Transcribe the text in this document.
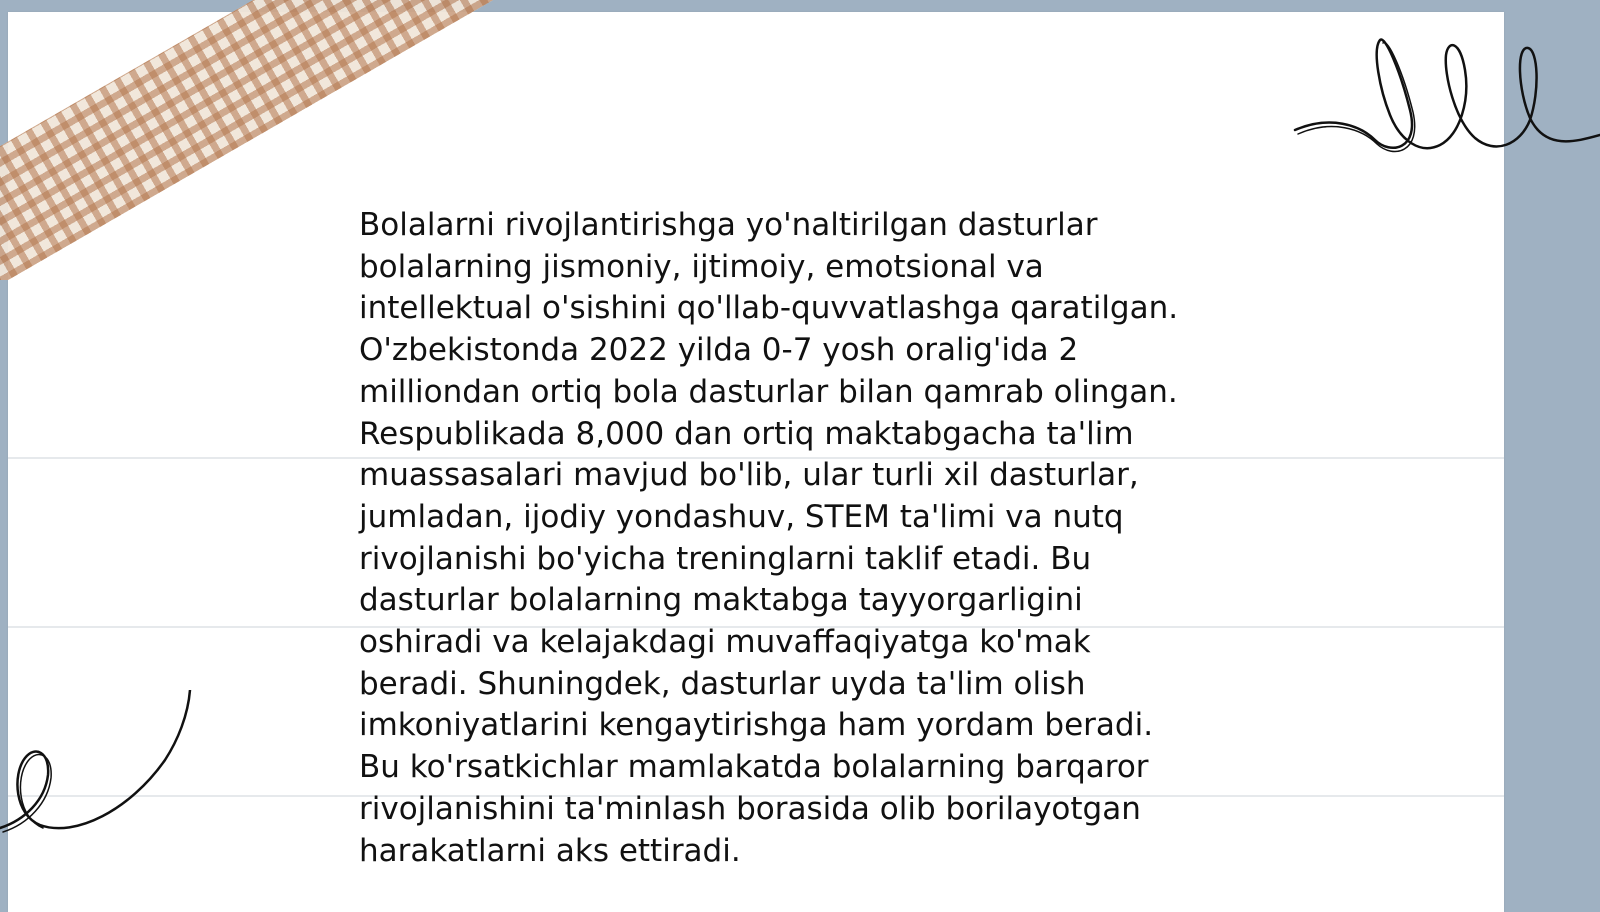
Bolalarni rivojlantirishga yo'naltirilgan dasturlar
bolalarning jismoniy, ijtimoiy, emotsional va
intellektual o'sishini qo'llab-quvvatlashga qaratilgan.
O'zbekistonda 2022 yilda 0-7 yosh oralig'ida 2
milliondan ortiq bola dasturlar bilan qamrab olingan.
Respublikada 8,000 dan ortiq maktabgacha ta'lim
muassasalari mavjud bo'lib, ular turli xil dasturlar,
jumladan, ijodiy yondashuv, STEM ta'limi va nutq
rivojlanishi bo'yicha treninglarni taklif etadi. Bu
dasturlar bolalarning maktabga tayyorgarligini
oshiradi va kelajakdagi muvaffaqiyatga ko'mak
beradi. Shuningdek, dasturlar uyda ta'lim olish
imkoniyatlarini kengaytirishga ham yordam beradi.
Bu ko'rsatkichlar mamlakatda bolalarning barqaror
rivojlanishini ta'minlash borasida olib borilayotgan
harakatlarni aks ettiradi.
